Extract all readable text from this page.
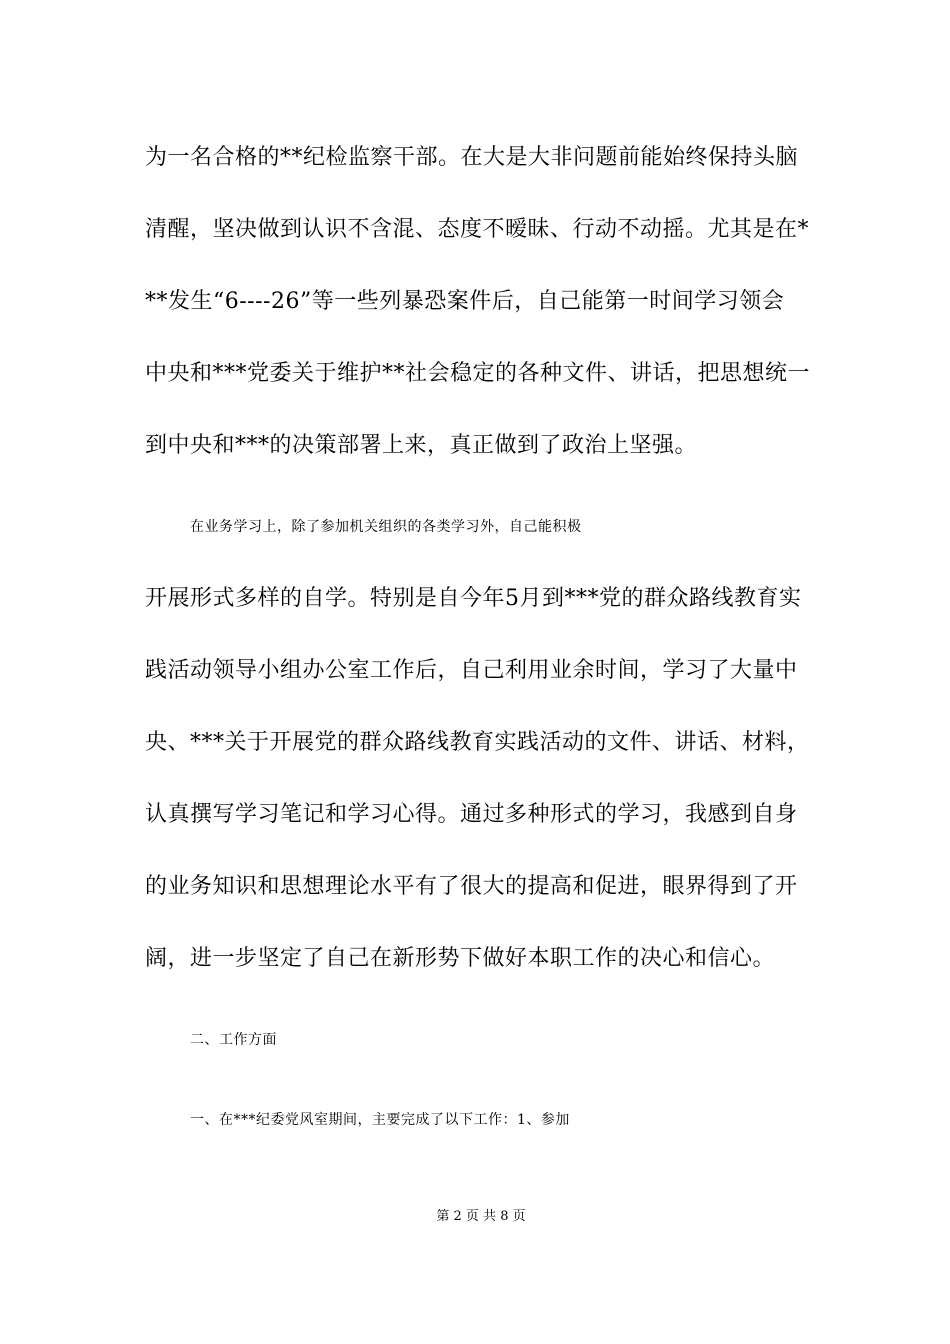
为一名合格的**纪检监察干部。在大是大非问题前能始终保持头脑
清醒，坚决做到认识不含混、态度不暧昧、行动不动摇。尤其是在*
**发生“6----26”等一些列暴恐案件后，自己能第一时间学习领会
中央和***党委关于维护**社会稳定的各种文件、讲话，把思想统一
到中央和***的决策部署上来，真正做到了政治上坚强。
在业务学习上，除了参加机关组织的各类学习外，自己能积极
开展形式多样的自学。特别是自今年5月到***党的群众路线教育实
践活动领导小组办公室工作后，自己利用业余时间，学习了大量中
央、***关于开展党的群众路线教育实践活动的文件、讲话、材料，
认真撰写学习笔记和学习心得。通过多种形式的学习，我感到自身
的业务知识和思想理论水平有了很大的提高和促进，眼界得到了开
阔，进一步坚定了自己在新形势下做好本职工作的决心和信心。
二、工作方面
一、在***纪委党风室期间，主要完成了以下工作：1、参加
第 2 页 共 8 页
